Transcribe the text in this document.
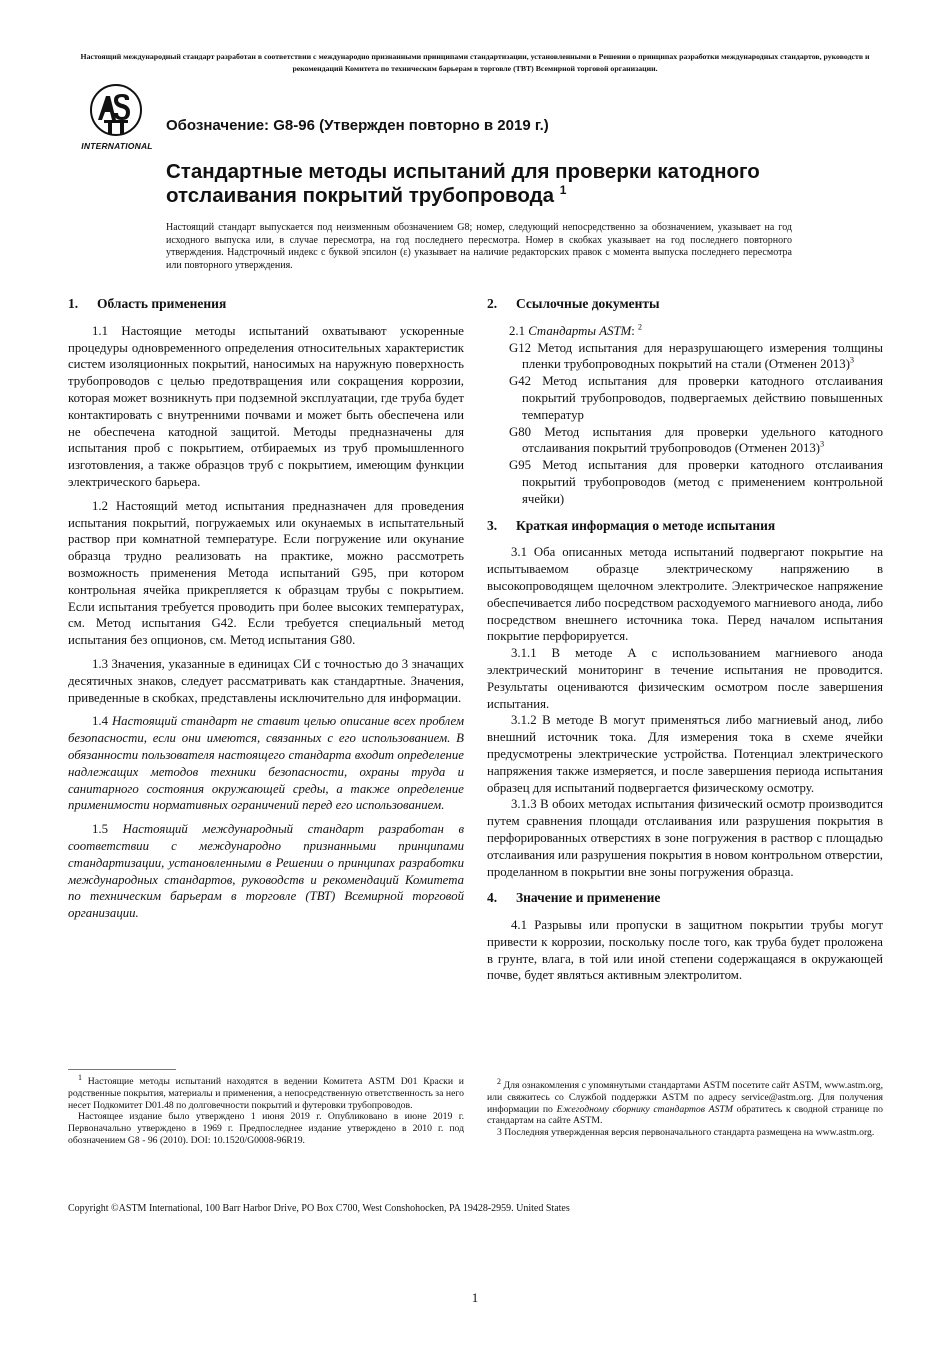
Настоящий международный стандарт разработан в соответствии с международно признанными принципами стандартизации, установленными в Решении о принципах разработки международных стандартов, руководств и рекомендаций Комитета по техническим барьерам в торговле (ТВТ) Всемирной торговой организации.
INTERNATIONAL
Обозначение: G8-96 (Утвержден повторно в 2019 г.)
Стандартные методы испытаний для проверки катодного отслаивания покрытий трубопровода $^1$
Настоящий стандарт выпускается под неизменным обозначением G8; номер, следующий непосредственно за обозначением, указывает на год исходного выпуска или, в случае пересмотра, на год последнего пересмотра. Номер в скобках указывает на год последнего повторного утверждения. Надстрочный индекс с буквой эпсилон (ε) указывает на наличие редакторских правок с момента выпуска последнего пересмотра или повторного утверждения.
1. Область применения

1.1 Настоящие методы испытаний охватывают ускоренные процедуры одновременного определения относительных характеристик систем изоляционных покрытий, наносимых на наружную поверхность трубопроводов с целью предотвращения или сокращения коррозии, которая может возникнуть при подземной эксплуатации, где труба будет контактировать с внутренними почвами и может быть обеспечена или не обеспечена катодной защитой. Методы предназначены для испытания проб с покрытием, отбираемых из труб промышленного изготовления, а также образцов труб с покрытием, имеющим функции электрического барьера.

1.2 Настоящий метод испытания предназначен для проведения испытания покрытий, погружаемых или окунаемых в испытательный раствор при комнатной температуре. Если погружение или окунание образца трудно реализовать на практике, можно рассмотреть возможность применения Метода испытаний G95, при котором контрольная ячейка прикрепляется к образцам трубы с покрытием. Если испытания требуется проводить при более высоких температурах, см. Метод испытания G42. Если требуется специальный метод испытания без опционов, см. Метод испытания G80.

1.3 Значения, указанные в единицах СИ с точностью до 3 значащих десятичных знаков, следует рассматривать как стандартные. Значения, приведенные в скобках, представлены исключительно для информации.

1.4 Настоящий стандарт не ставит целью описание всех проблем безопасности, если они имеются, связанных с его использованием. В обязанности пользователя настоящего стандарта входит определение надлежащих методов техники безопасности, охраны труда и санитарного состояния окружающей среды, а также определение применимости нормативных ограничений перед его использованием.

1.5 Настоящий международный стандарт разработан в соответствии с международно признанными принципами стандартизации, установленными в Решении о принципах разработки международных стандартов, руководств и рекомендаций Комитета по техническим барьерам в торговле (ТВТ) Всемирной торговой организации.

$^1$ Настоящие методы испытаний находятся в ведении Комитета ASTM D01 Краски и родственные покрытия, материалы и применения, а непосредственную ответственность за него несет Подкомитет D01.48 по долговечности покрытий и футеровки трубопроводов.

Настоящее издание было утверждено 1 июня 2019 г. Опубликовано в июне 2019 г. Первоначально утверждено в 1969 г. Предпоследнее издание утверждено в 2010 г. под обозначением G8 - 96 (2010). DOI: 10.1520/G0008-96R19.

2. Ссылочные документы

2.1 Стандарты ASTM: $^2$

G12 Метод испытания для неразрушающего измерения толщины пленки трубопроводных покрытий на стали (Отменен 2013)$^3$

G42 Метод испытания для проверки катодного отслаивания покрытий трубопроводов, подвергаемых действию повышенных температур

G80 Метод испытания для проверки удельного катодного отслаивания покрытий трубопроводов (Отменен 2013)$^3$

G95 Метод испытания для проверки катодного отслаивания покрытий трубопроводов (метод с применением контрольной ячейки)

3. Краткая информация о методе испытания

3.1 Оба описанных метода испытаний подвергают покрытие на испытываемом образце электрическому напряжению в высокопроводящем щелочном электролите. Электрическое напряжение обеспечивается либо посредством расходуемого магниевого анода, либо посредством внешнего источника тока. Перед началом испытания покрытие перфорируется.

3.1.1 В методе А с использованием магниевого анода электрический мониторинг в течение испытания не проводится. Результаты оцениваются физическим осмотром после завершения испытания.

3.1.2 В методе В могут применяться либо магниевый анод, либо внешний источник тока. Для измерения тока в схеме ячейки предусмотрены электрические устройства. Потенциал электрического напряжения также измеряется, и после завершения периода испытания образец для испытаний подвергается физическому осмотру.

3.1.3 В обоих методах испытания физический осмотр производится путем сравнения площади отслаивания или разрушения покрытия в перфорированных отверстиях в зоне погружения в раствор с площадью отслаивания или разрушения покрытия в новом контрольном отверстии, проделанном в покрытии вне зоны погружения образца.

4. Значение и применение

4.1 Разрывы или пропуски в защитном покрытии трубы могут привести к коррозии, поскольку после того, как труба будет проложена в грунте, влага, в той или иной степени содержащаяся в окружающей почве, будет являться активным электролитом.

$^2$ Для ознакомления с упомянутыми стандартами ASTM посетите сайт ASTM, www.astm.org, или свяжитесь со Службой поддержки ASTM по адресу service@astm.org. Для получения информации по Ежегодному сборнику стандартов ASTM обратитесь к сводной странице по стандартам на сайте ASTM.

3 Последняя утвержденная версия первоначального стандарта размещена на www.astm.org.

Copyright ©ASTM International, 100 Barr Harbor Drive, PO Box C700, West Conshohocken, PA 19428-2959. United States
1
